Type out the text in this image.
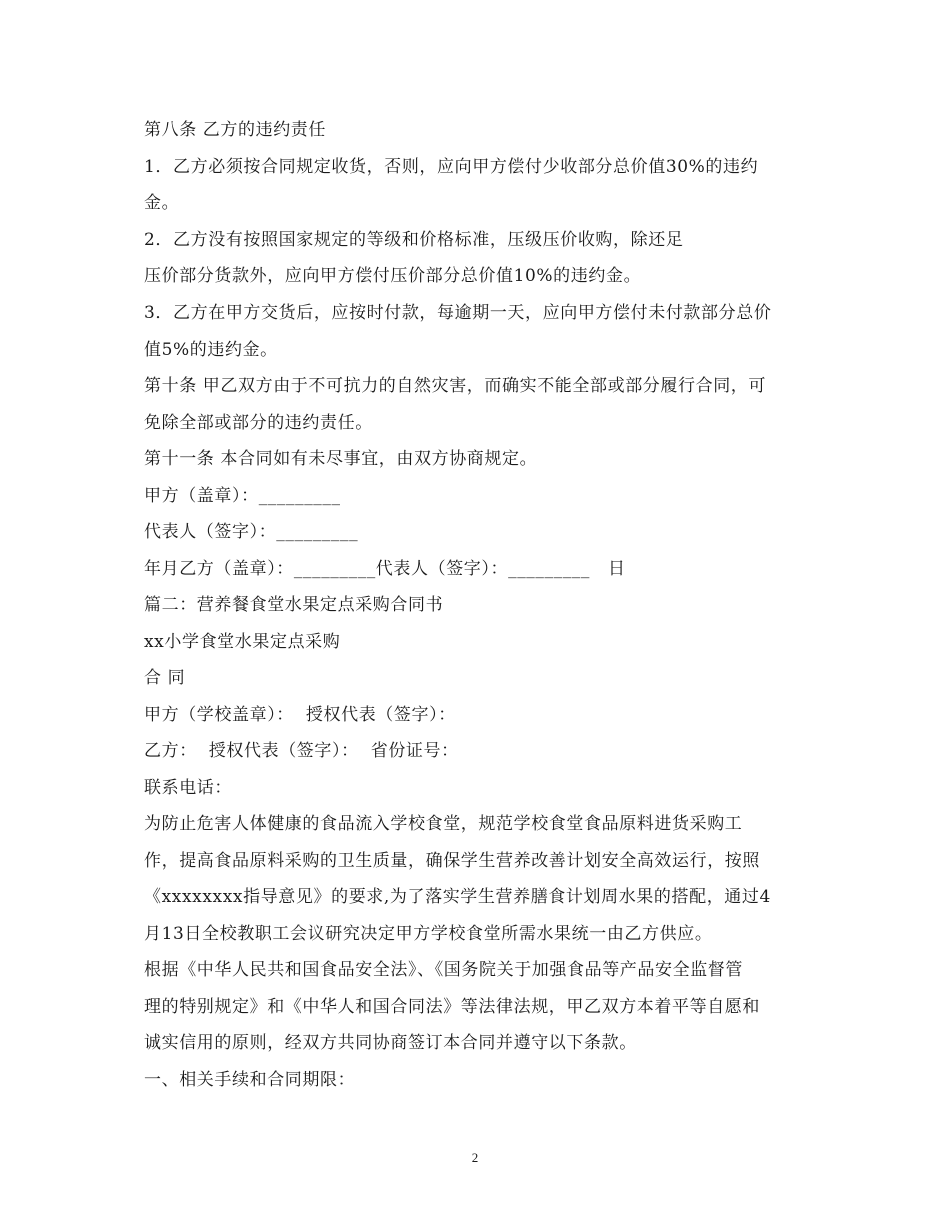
第八条 乙方的违约责任
1．乙方必须按合同规定收货，否则，应向甲方偿付少收部分总价值30%的违约
金。
2．乙方没有按照国家规定的等级和价格标准，压级压价收购，除还足
压价部分货款外，应向甲方偿付压价部分总价值10%的违约金。
3．乙方在甲方交货后，应按时付款，每逾期一天，应向甲方偿付未付款部分总价
值5%的违约金。
第十条 甲乙双方由于不可抗力的自然灾害，而确实不能全部或部分履行合同，可
免除全部或部分的违约责任。
第十一条 本合同如有未尽事宜，由双方协商规定。
甲方（盖章）：_________
代表人（签字）：_________
年月乙方（盖章）：_________代表人（签字）：_________   日
篇二：营养餐食堂水果定点采购合同书
xx小学食堂水果定点采购
合 同
甲方（学校盖章）：  授权代表（签字）：
乙方：  授权代表（签字）：  省份证号：
联系电话：
为防止危害人体健康的食品流入学校食堂，规范学校食堂食品原料进货采购工
作，提高食品原料采购的卫生质量，确保学生营养改善计划安全高效运行，按照
《xxxxxxxx指导意见》的要求,为了落实学生营养膳食计划周水果的搭配，通过4
月13日全校教职工会议研究决定甲方学校食堂所需水果统一由乙方供应。
根据《中华人民共和国食品安全法》、《国务院关于加强食品等产品安全监督管
理的特别规定》和《中华人和国合同法》等法律法规，甲乙双方本着平等自愿和
诚实信用的原则，经双方共同协商签订本合同并遵守以下条款。
一、相关手续和合同期限：
2
